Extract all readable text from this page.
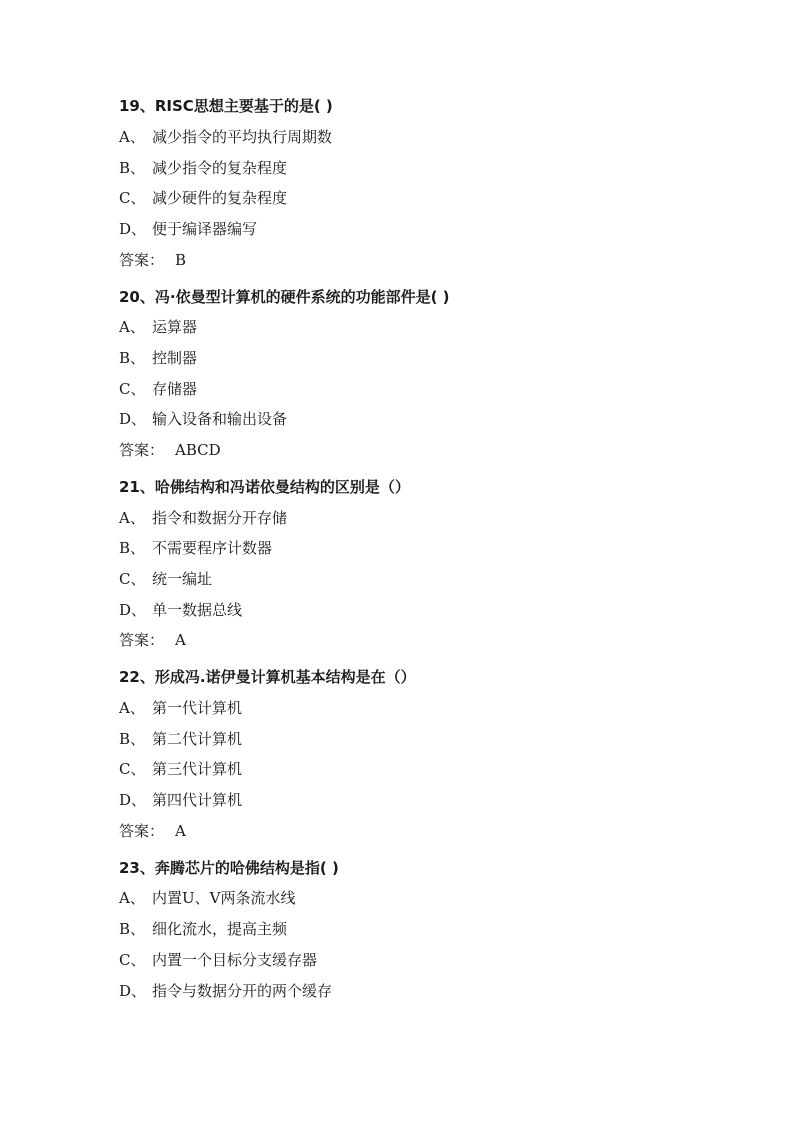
19、RISC思想主要基于的是( )
A、 减少指令的平均执行周期数
B、 减少指令的复杂程度
C、 减少硬件的复杂程度
D、 便于编译器编写
答案： B
20、冯·依曼型计算机的硬件系统的功能部件是( )
A、 运算器
B、 控制器
C、 存储器
D、 输入设备和输出设备
答案： ABCD
21、哈佛结构和冯诺依曼结构的区别是（）
A、 指令和数据分开存储
B、 不需要程序计数器
C、 统一编址
D、 单一数据总线
答案： A
22、形成冯.诺伊曼计算机基本结构是在（）
A、 第一代计算机
B、 第二代计算机
C、 第三代计算机
D、 第四代计算机
答案： A
23、奔腾芯片的哈佛结构是指( )
A、 内置U、V两条流水线
B、 细化流水，提高主频
C、 内置一个目标分支缓存器
D、 指令与数据分开的两个缓存
